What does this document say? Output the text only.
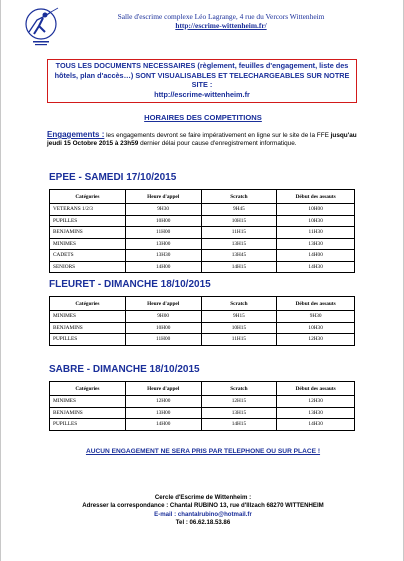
Salle d'escrime complexe Léo Lagrange, 4 rue du Vercors Wittenheim
http://escrime-wittenheim.fr/
TOUS LES DOCUMENTS NECESSAIRES (règlement, feuilles d'engagement, liste des hôtels, plan d'accès…) SONT VISUALISABLES ET TELECHARGEABLES SUR NOTRE SITE :
http://escrime-wittenheim.fr
HORAIRES DES COMPETITIONS
Engagements : les engagements devront se faire impérativement en ligne sur le site de la FFE jusqu'au jeudi 15 Octobre 2015 à 23h59 dernier délai pour cause d'enregistrement informatique.
EPEE - SAMEDI 17/10/2015
Catégories	Heure d'appel	Scratch	Début des assauts
VETERANS 1/2/3	9H30	9H45	10H00
PUPILLES	10H00	10H15	10H30
BENJAMINS	11H00	11H15	11H30
MINIMES	13H00	13H15	13H30
CADETS	13H30	13H45	14H00
SENIORS	14H00	14H15	14H30
FLEURET - DIMANCHE 18/10/2015
Catégories	Heure d'appel	Scratch	Début des assauts
MINIMES	9H00	9H15	9H30
BENJAMINS	10H00	10H15	10H30
PUPILLES	11H00	11H15	12H30
SABRE - DIMANCHE 18/10/2015
Catégories	Heure d'appel	Scratch	Début des assauts
MINIMES	12H00	12H15	12H30
BENJAMINS	13H00	13H15	13H30
PUPILLES	14H00	14H15	14H30
AUCUN ENGAGEMENT NE SERA PRIS PAR TELEPHONE OU SUR PLACE !
Cercle d'Escrime de Wittenheim :
Adresser la correspondance : Chantal RUBINO 13, rue d'Illzach 68270 WITTENHEIM
E-mail : chantalrubino@hotmail.fr
Tel : 06.62.18.53.86
